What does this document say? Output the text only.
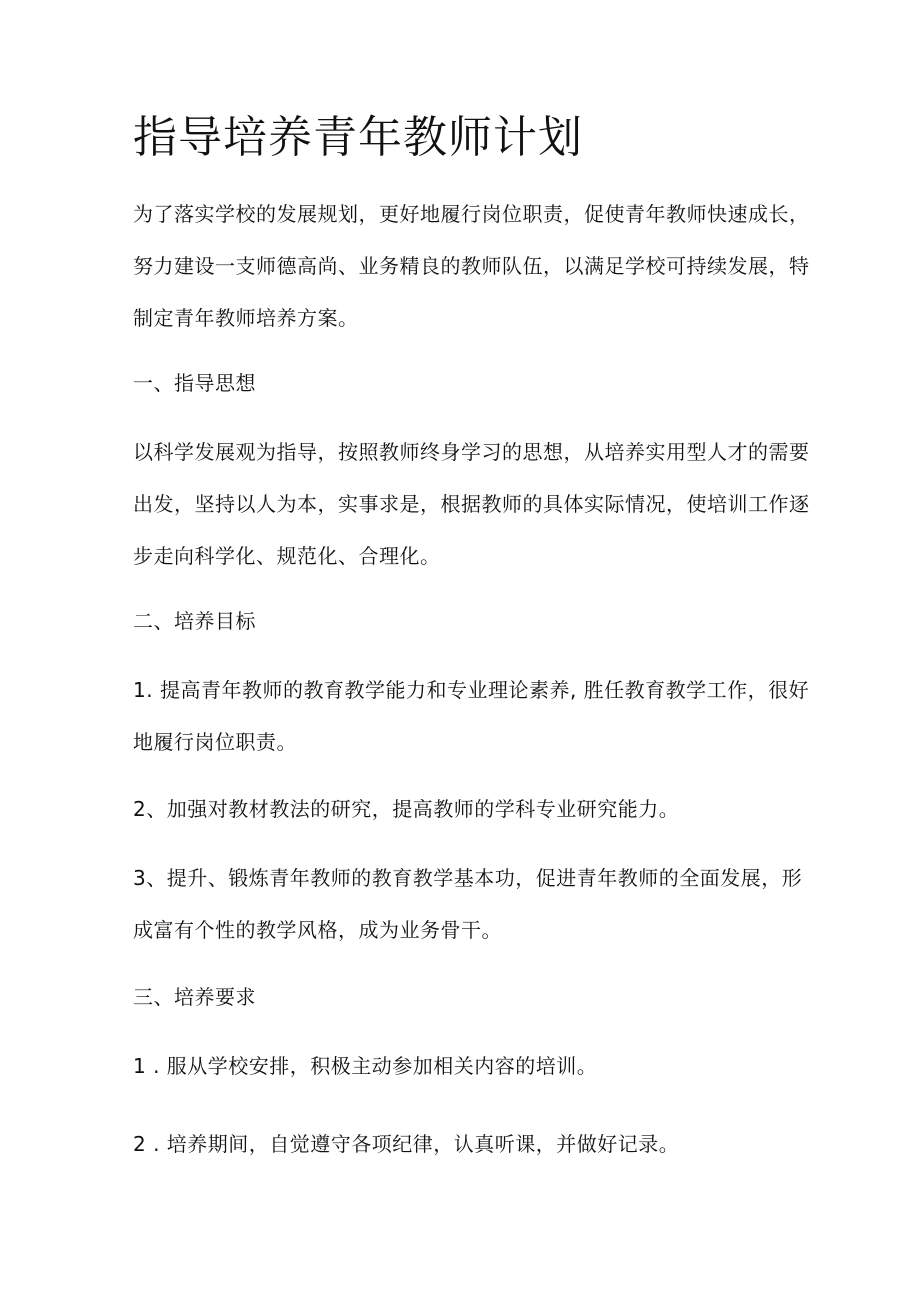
指导培养青年教师计划

为了落实学校的发展规划，更好地履行岗位职责，促使青年教师快速成长，
努力建设一支师德高尚、业务精良的教师队伍，以满足学校可持续发展，特
制定青年教师培养方案。

一、指导思想

以科学发展观为指导，按照教师终身学习的思想，从培养实用型人才的需要
出发，坚持以人为本，实事求是，根据教师的具体实际情况，使培训工作逐
步走向科学化、规范化、合理化。

二、培养目标

1. 提高青年教师的教育教学能力和专业理论素养, 胜任教育教学工作，很好
地履行岗位职责。

2、加强对教材教法的研究，提高教师的学科专业研究能力。

3、提升、锻炼青年教师的教育教学基本功，促进青年教师的全面发展，形
成富有个性的教学风格，成为业务骨干。

三、培养要求

1 . 服从学校安排，积极主动参加相关内容的培训。

2 . 培养期间，自觉遵守各项纪律，认真听课，并做好记录。
